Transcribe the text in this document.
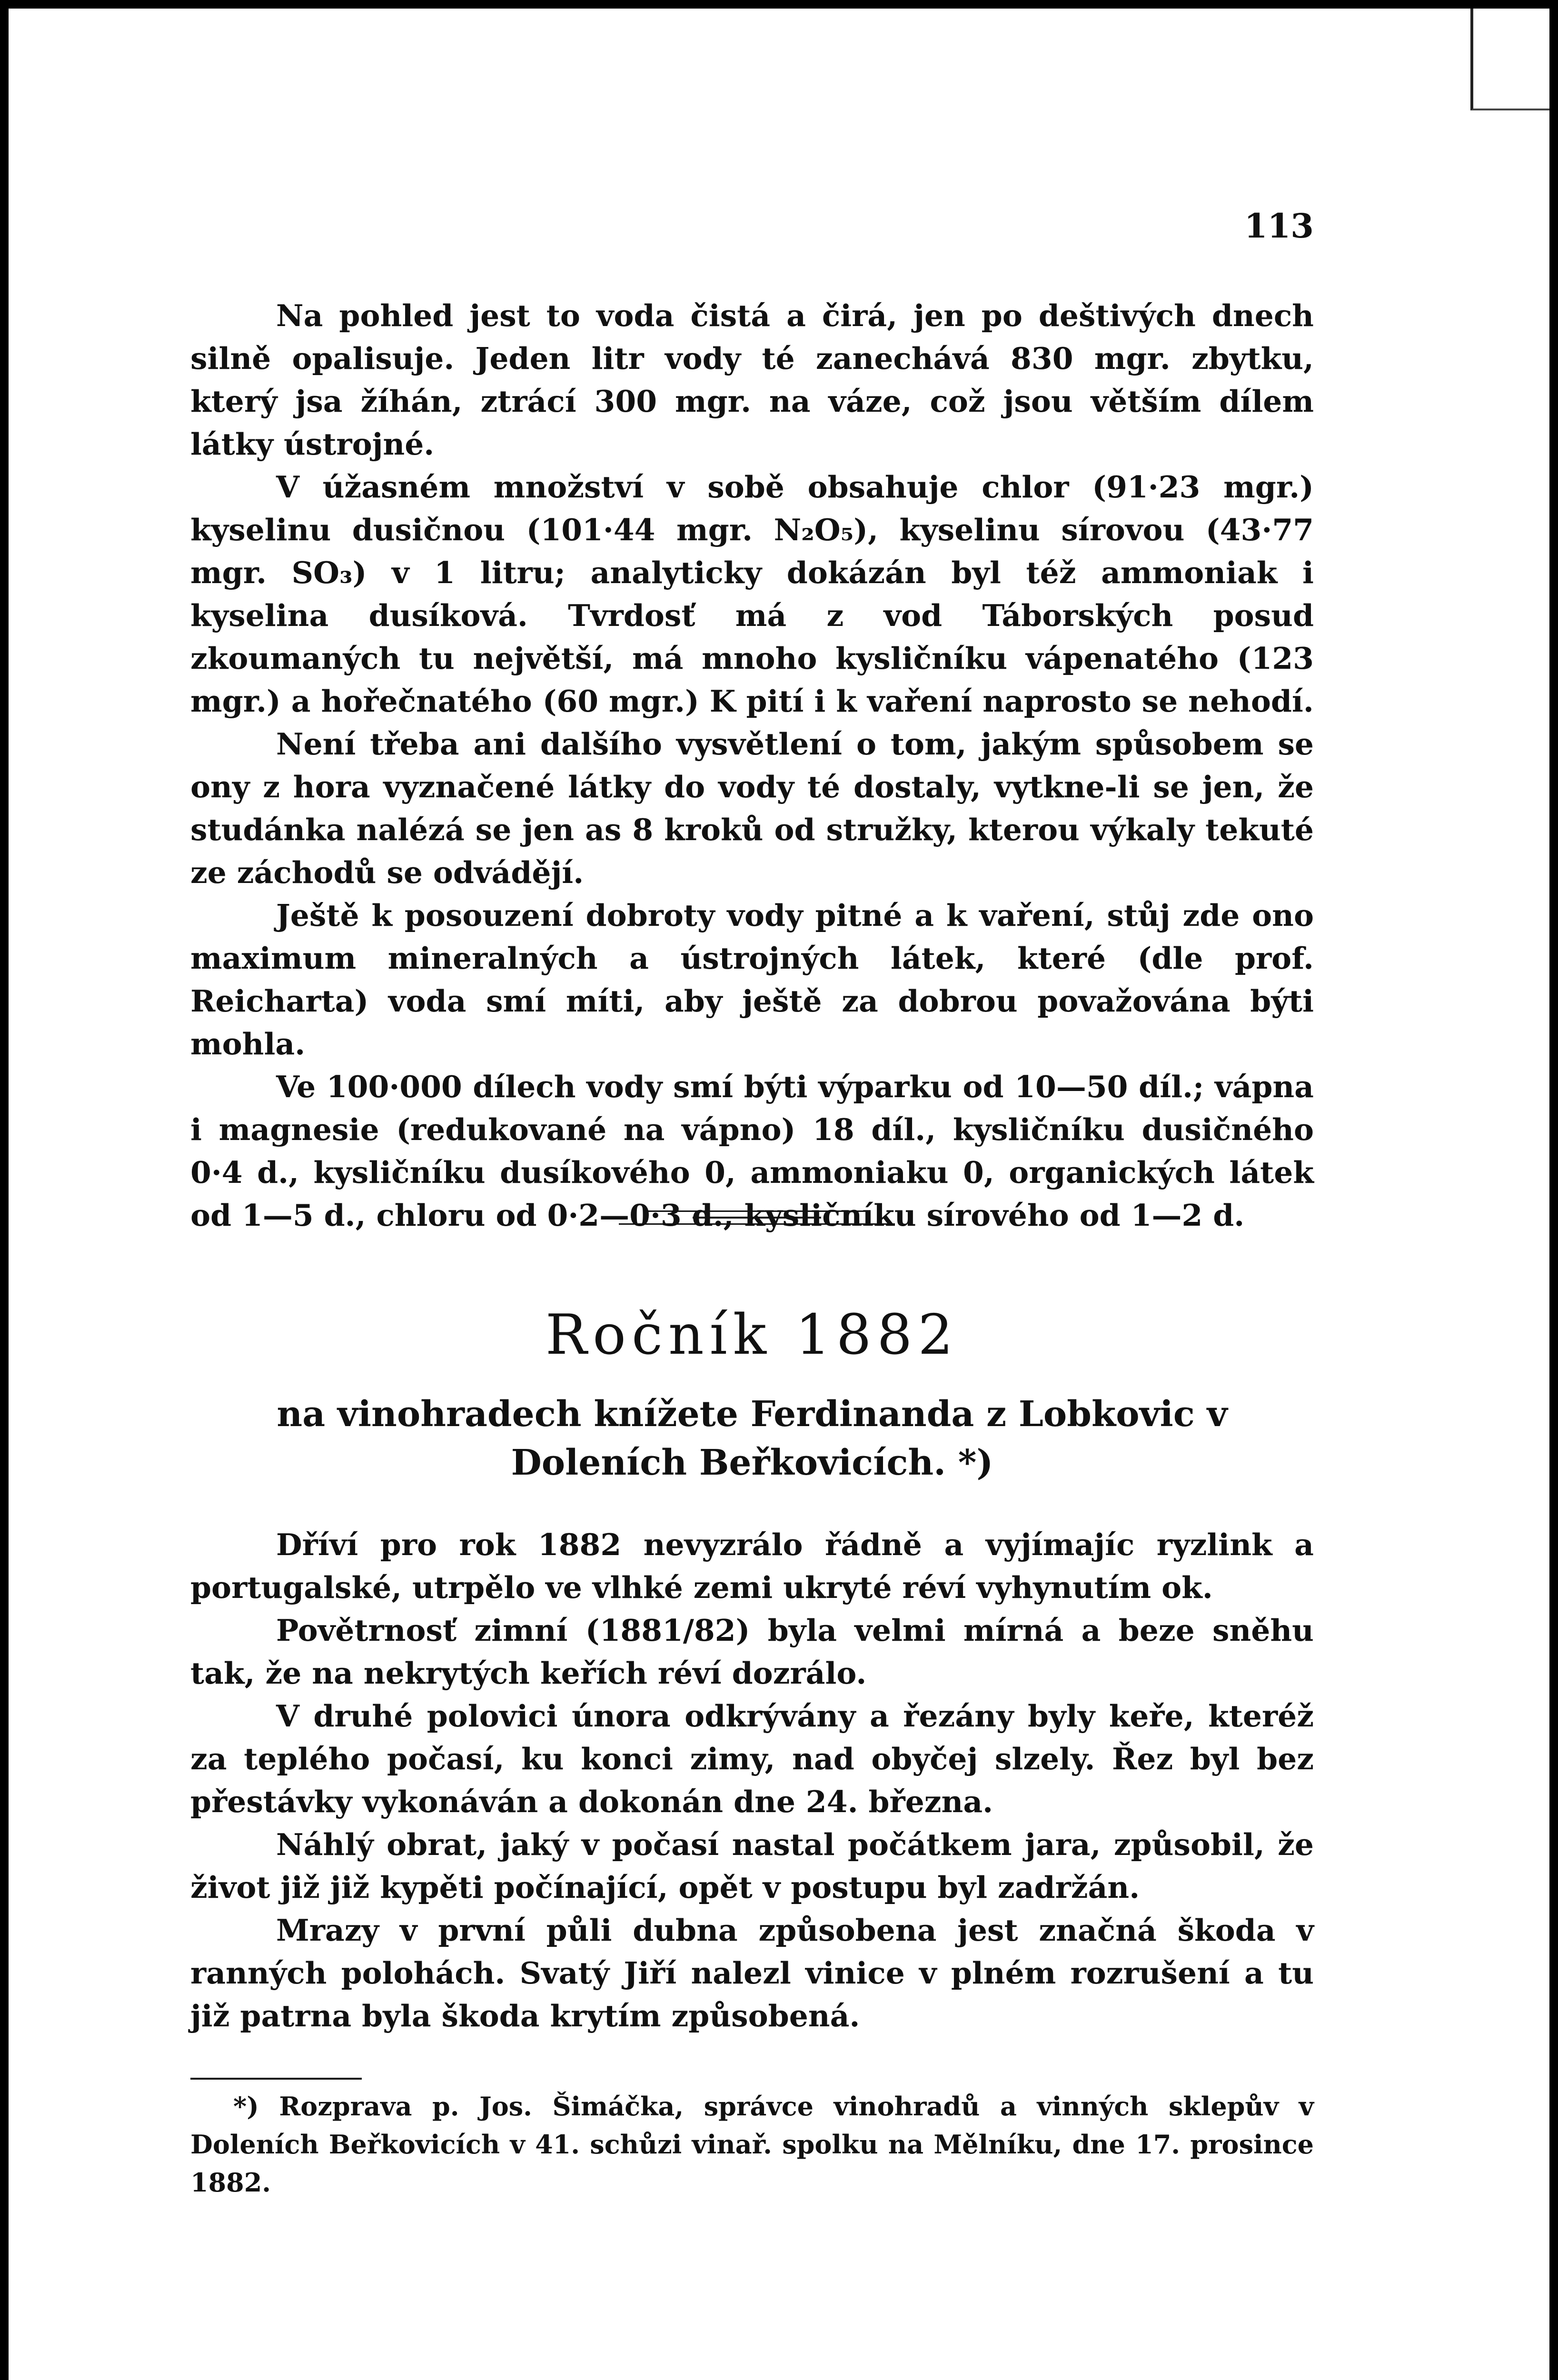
113

Na pohled jest to voda čistá a čirá, jen po deštivých dnech silně opalisuje. Jeden litr vody té zanechává 830 mgr. zbytku, který jsa žíhán, ztrácí 300 mgr. na váze, což jsou větším dílem látky ústrojné.

V úžasném množství v sobě obsahuje chlor (91·23 mgr.) kyselinu dusičnou (101·44 mgr. N₂O₅), kyselinu sírovou (43·77 mgr. SO₃) v 1 litru; analyticky dokázán byl též ammoniak i kyselina dusíková. Tvrdosť má z vod Táborských posud zkoumaných tu největší, má mnoho kysličníku vápenatého (123 mgr.) a hořečnatého (60 mgr.) K pití i k vaření naprosto se nehodí.

Není třeba ani dalšího vysvětlení o tom, jakým spůsobem se ony z hora vyznačené látky do vody té dostaly, vytkne-li se jen, že studánka nalézá se jen as 8 kroků od stružky, kterou výkaly tekuté ze záchodů se odvádějí.

Ještě k posouzení dobroty vody pitné a k vaření, stůj zde ono maximum mineralných a ústrojných látek, které (dle prof. Reicharta) voda smí míti, aby ještě za dobrou považována býti mohla.

Ve 100·000 dílech vody smí býti výparku od 10—50 díl.; vápna i magnesie (redukované na vápno) 18 díl., kysličníku dusičného 0·4 d., kysličníku dusíkového 0, ammoniaku 0, organických látek od 1—5 d., chloru od 0·2—0·3 d., kysličníku sírového od 1—2 d.

Ročník 1882

na vinohradech knížete Ferdinanda z Lobkovic v Doleních Beřkovicích. *)

Dříví pro rok 1882 nevyzrálo řádně a vyjímajíc ryzlink a portugalské, utrpělo ve vlhké zemi ukryté réví vyhynutím ok.

Povětrnosť zimní (1881/82) byla velmi mírná a beze sněhu tak, že na nekrytých keřích réví dozrálo.

V druhé polovici února odkrývány a řezány byly keře, kteréž za teplého počasí, ku konci zimy, nad obyčej slzely. Řez byl bez přestávky vykonáván a dokonán dne 24. března.

Náhlý obrat, jaký v počasí nastal počátkem jara, způsobil, že život již již kypěti počínající, opět v postupu byl zadržán.

Mrazy v první půli dubna způsobena jest značná škoda v ranných polohách. Svatý Jiří nalezl vinice v plném rozrušení a tu již patrna byla škoda krytím způsobená.

*) Rozprava p. Jos. Šimáčka, správce vinohradů a vinných sklepův v Doleních Beřkovicích v 41. schůzi vinař. spolku na Mělníku, dne 17. prosince 1882.
